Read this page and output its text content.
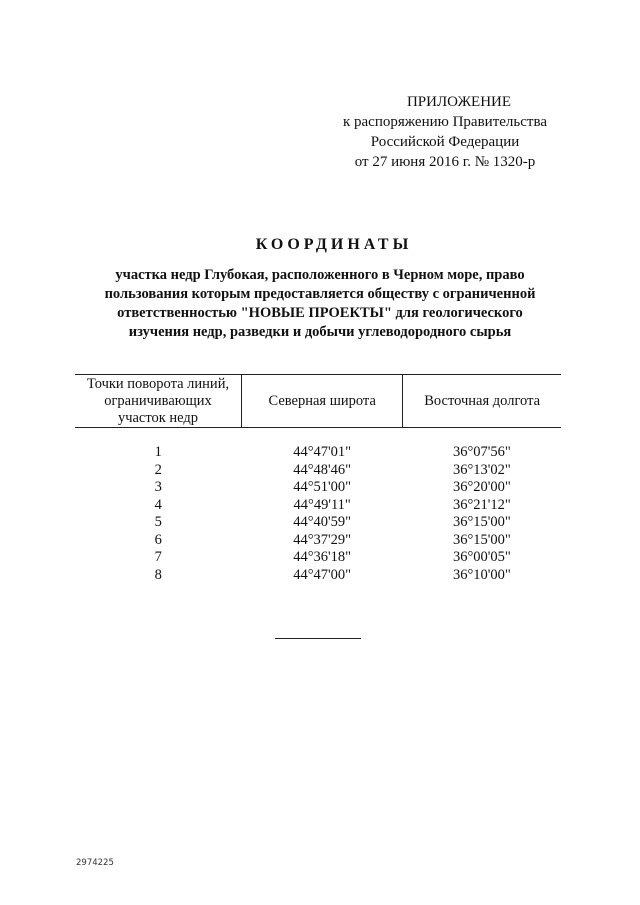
ПРИЛОЖЕНИЕ
к распоряжению Правительства
Российской Федерации
от 27 июня 2016 г. № 1320-р
КООРДИНАТЫ
участка недр Глубокая, расположенного в Черном море, право
пользования которым предоставляется обществу с ограниченной
ответственностью "НОВЫЕ ПРОЕКТЫ" для геологического
изучения недр, разведки и добычи углеводородного сырья
Точки поворота линий,
ограничивающих
участок недр	Северная широта	Восточная долгота

1	44°47'01"	36°07'56"
2	44°48'46"	36°13'02"
3	44°51'00"	36°20'00"
4	44°49'11"	36°21'12"
5	44°40'59"	36°15'00"
6	44°37'29"	36°15'00"
7	44°36'18"	36°00'05"
8	44°47'00"	36°10'00"
2974225
